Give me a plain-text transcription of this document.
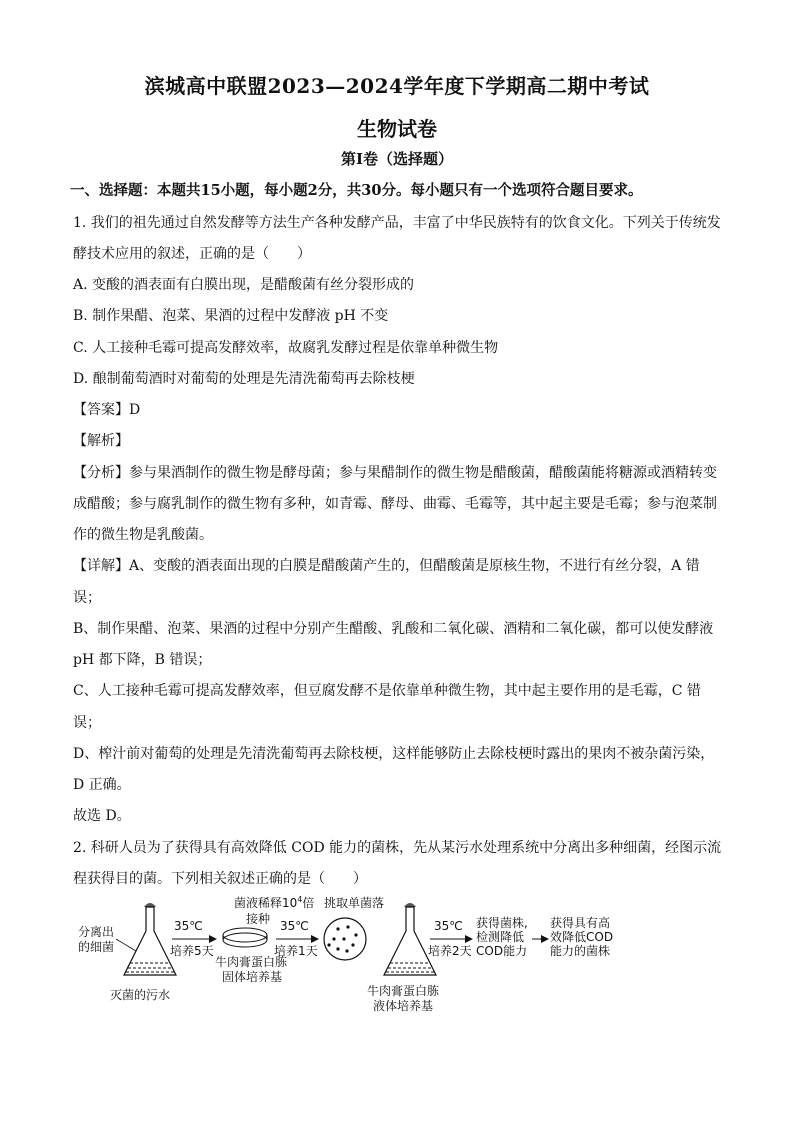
滨城高中联盟2023—2024学年度下学期高二期中考试
生物试卷
第Ⅰ卷（选择题）
一、选择题：本题共15小题，每小题2分，共30分。每小题只有一个选项符合题目要求。
1. 我们的祖先通过自然发酵等方法生产各种发酵产品，丰富了中华民族特有的饮食文化。下列关于传统发
酵技术应用的叙述，正确的是（　　）
A. 变酸的酒表面有白膜出现，是醋酸菌有丝分裂形成的
B. 制作果醋、泡菜、果酒的过程中发酵液 pH 不变
C. 人工接种毛霉可提高发酵效率，故腐乳发酵过程是依靠单种微生物
D. 酿制葡萄酒时对葡萄的处理是先清洗葡萄再去除枝梗
【答案】D
【解析】
【分析】参与果酒制作的微生物是酵母菌；参与果醋制作的微生物是醋酸菌，醋酸菌能将糖源或酒精转变
成醋酸；参与腐乳制作的微生物有多种，如青霉、酵母、曲霉、毛霉等，其中起主要是毛霉；参与泡菜制
作的微生物是乳酸菌。
【详解】A、变酸的酒表面出现的白膜是醋酸菌产生的，但醋酸菌是原核生物，不进行有丝分裂，A 错
误；
B、制作果醋、泡菜、果酒的过程中分别产生醋酸、乳酸和二氧化碳、酒精和二氧化碳，都可以使发酵液
pH 都下降，B 错误；
C、人工接种毛霉可提高发酵效率，但豆腐发酵不是依靠单种微生物，其中起主要作用的是毛霉，C 错
误；
D、榨汁前对葡萄的处理是先清洗葡萄再去除枝梗，这样能够防止去除枝梗时露出的果肉不被杂菌污染，
D 正确。
故选 D。
2. 科研人员为了获得具有高效降低 COD 能力的菌株，先从某污水处理系统中分离出多种细菌，经图示流
程获得目的菌。下列相关叙述正确的是（　　）
分离出
的细菌
灭菌的污水
35℃
培养5天
菌液稀释$10^4$倍
接种
牛肉膏蛋白胨
固体培养基
35℃
培养1天
挑取单菌落
牛肉膏蛋白胨
液体培养基
35℃
培养2天
获得菌株,
检测降低
COD能力
获得具有高
效降低COD
能力的菌株
